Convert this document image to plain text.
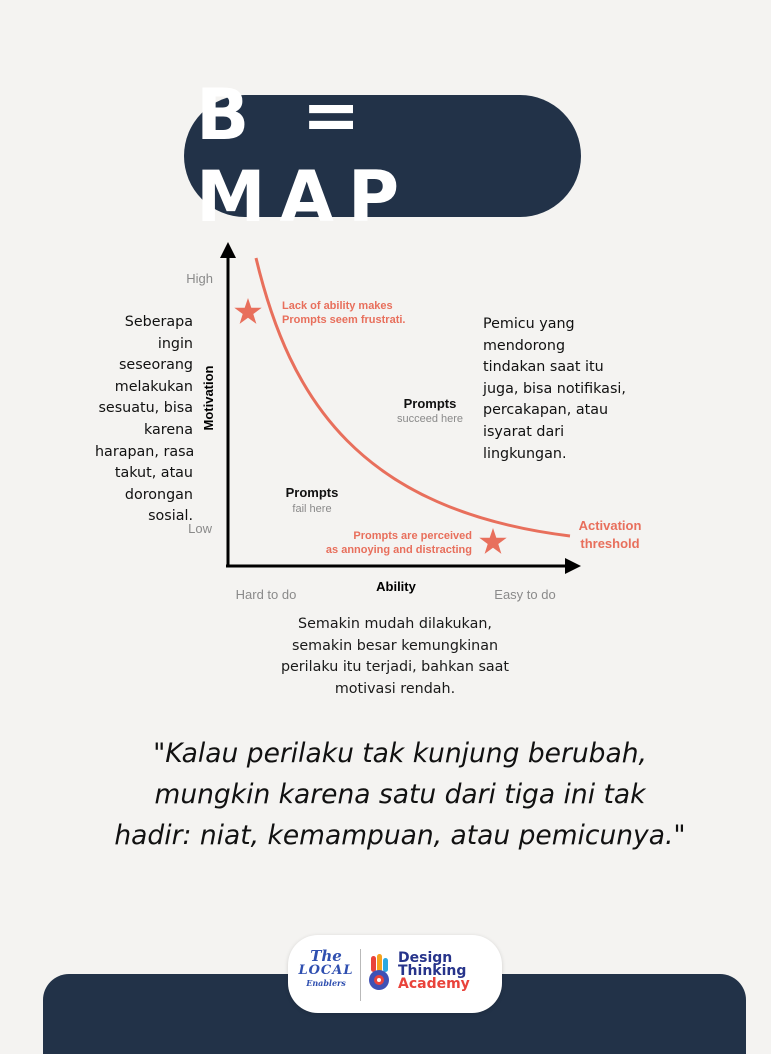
B = MAP
High
Low
Motivation
Ability
Hard to do	Easy to do
Lack of ability makes
Prompts seem frustrati.
Prompts are perceived
as annoying and distracting
Activation
threshold
Prompts
succeed here
Prompts
fail here
Seberapa
ingin
seseorang
melakukan
sesuatu, bisa
karena
harapan, rasa
takut, atau
dorongan
sosial.
Pemicu yang
mendorong
tindakan saat itu
juga, bisa notifikasi,
percakapan, atau
isyarat dari
lingkungan.
Semakin mudah dilakukan,
semakin besar kemungkinan
perilaku itu terjadi, bahkan saat
motivasi rendah.
"Kalau perilaku tak kunjung berubah,
mungkin karena satu dari tiga ini tak
hadir: niat, kemampuan, atau pemicunya."
The
LOCAL
Enablers
Design
Thinking
Academy
